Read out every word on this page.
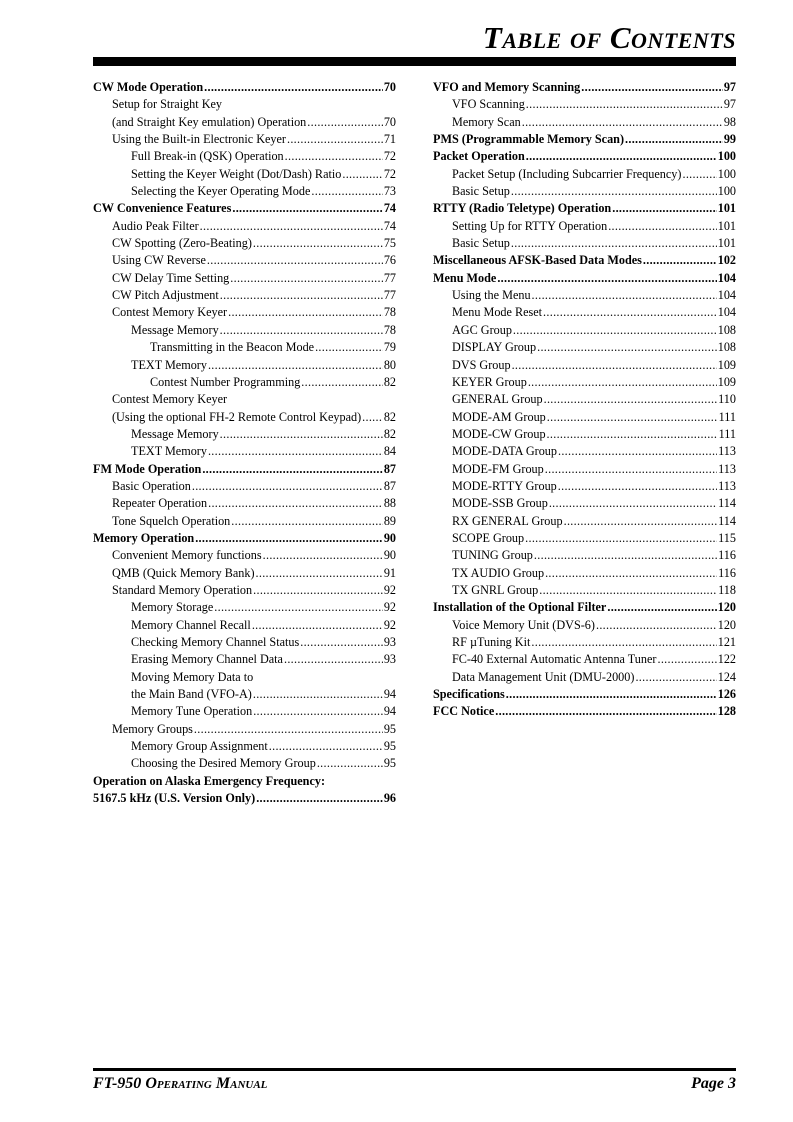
Table of Contents
CW Mode Operation .....	70
Setup for Straight Key
(and Straight Key emulation) Operation .....	70
Using the Built-in Electronic Keyer .....	71
Full Break-in (QSK) Operation .....	72
Setting the Keyer Weight (Dot/Dash) Ratio .....	72
Selecting the Keyer Operating Mode .....	73
CW Convenience Features .....	74
Audio Peak Filter .....	74
CW Spotting (Zero-Beating) .....	75
Using CW Reverse .....	76
CW Delay Time Setting .....	77
CW Pitch Adjustment .....	77
Contest Memory Keyer .....	78
Message Memory .....	78
Transmitting in the Beacon Mode .....	79
TEXT Memory .....	80
Contest Number Programming .....	82
Contest Memory Keyer
(Using the optional FH-2 Remote Control Keypad) ..... 82
Message Memory .....	82
TEXT Memory .....	84
FM Mode Operation .....	87
Basic Operation .....	87
Repeater Operation .....	88
Tone Squelch Operation .....	89
Memory Operation .....	90
Convenient Memory functions .....	90
QMB (Quick Memory Bank) .....	91
Standard Memory Operation .....	92
Memory Storage .....	92
Memory Channel Recall .....	92
Checking Memory Channel Status .....	93
Erasing Memory Channel Data .....	93
Moving Memory Data to
the Main Band (VFO-A) .....	94
Memory Tune Operation .....	94
Memory Groups .....	95
Memory Group Assignment .....	95
Choosing the Desired Memory Group .....	95
Operation on Alaska Emergency Frequency:
5167.5 kHz (U.S. Version Only) .....	96
VFO and Memory Scanning .....	97
VFO Scanning .....	97
Memory Scan .....	98
PMS (Programmable Memory Scan) .....	99
Packet Operation .....	100
Packet Setup (Including Subcarrier Frequency) .....	100
Basic Setup .....	100
RTTY (Radio Teletype) Operation .....	101
Setting Up for RTTY Operation .....	101
Basic Setup .....	101
Miscellaneous AFSK-Based Data Modes .....	102
Menu Mode .....	104
Using the Menu .....	104
Menu Mode Reset .....	104
AGC Group .....	108
DISPLAY Group .....	108
DVS Group .....	109
KEYER Group .....	109
GENERAL Group .....	110
MODE-AM Group .....	111
MODE-CW Group .....	111
MODE-DATA Group .....	113
MODE-FM Group .....	113
MODE-RTTY Group .....	113
MODE-SSB Group .....	114
RX GENERAL Group .....	114
SCOPE Group .....	115
TUNING Group .....	116
TX AUDIO Group .....	116
TX GNRL Group .....	118
Installation of the Optional Filter .....	120
Voice Memory Unit (DVS-6) .....	120
RF µTuning Kit .....	121
FC-40 External Automatic Antenna Tuner .....	122
Data Management Unit (DMU-2000) .....	124
Specifications .....	126
FCC Notice .....	128
FT-950 Operating Manual	Page 3
